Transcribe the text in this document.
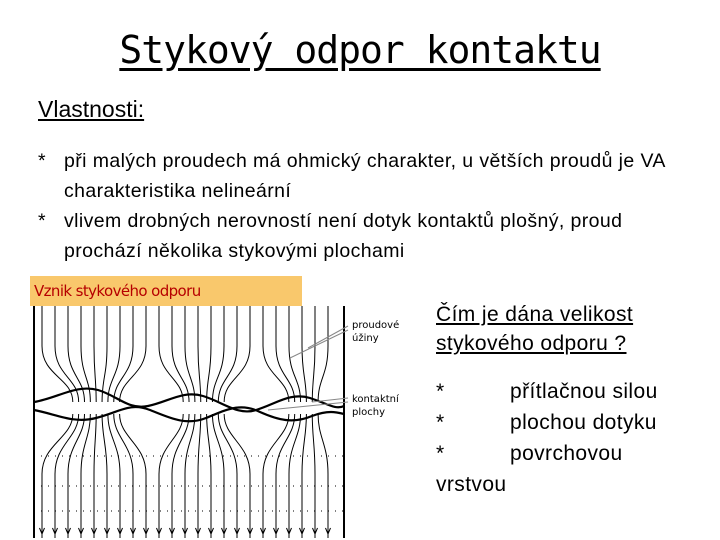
Stykový odpor kontaktu
Vlastnosti:
* při malých proudech má ohmický charakter, u větších proudů je VA charakteristika nelineární
* vlivem drobných nerovností není dotyk kontaktů plošný, proud prochází několika stykovými plochami
Vznik stykového odporu
proudové
úžiny
kontaktní
plochy
Čím je dána velikost stykového odporu ?
*	přítlačnou silou
*	plochou dotyku
*	povrchovou
vrstvou
